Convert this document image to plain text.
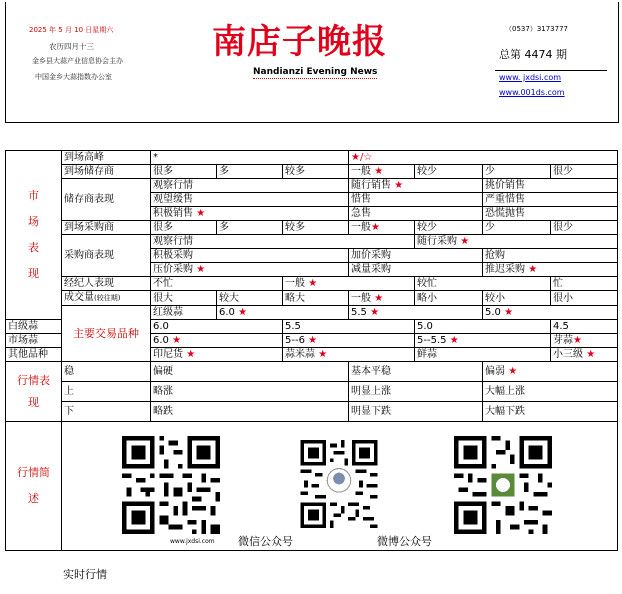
2025 年 5 月 10 日星期六
农历四月十三
金乡县大蒜产业信息协会主办
中国金乡大蒜指数办公室
南店子晚报
Nandianzi Evening News
（0537）3173777
总第 4474 期
www. jxdsi.com
www.001ds.com
市场表现	到场高峰	*			★/☆				
	到场储存商	很多	多	较多	一般 ★	较少	少	很少	
	储存商表现	观察行情			随行销售 ★		挑价销售		
		观望缓售			惜售		严重惜售		
		积极销售 ★			急售		恐慌抛售		
	到场采购商	很多	多	较多	一般★	较少	少	很少	
	采购商表现	观察行情				随行采购 ★			
		积极采购			加价采购		抢购		
		压价采购 ★			减量采购		推迟采购 ★		
	经纪人表现	不忙		一般 ★		较忙		忙	
	成交量(较往期)	很大	较大	略大	一般 ★	略小	较小	很小	
	主要交易品种	红级蒜	6.0 ★		5.5 ★		5.0 ★		
白级蒜		6.0		5.5		5.0		4.5	
市场蒜		6.0 ★		5--6 ★		5--5.5 ★		芽蒜★	
其他品种		印尼货 ★		蒜米蒜 ★		鲜蒜		小三级 ★	
行情表现	稳	偏硬			基本平稳		偏弱 ★		
	上	略涨			明显上涨		大幅上涨		
	下	略跌			明显下跌		大幅下跌		
行情简述	www.jxdsi.com 微信公众号 微博公众号								
实时行情
